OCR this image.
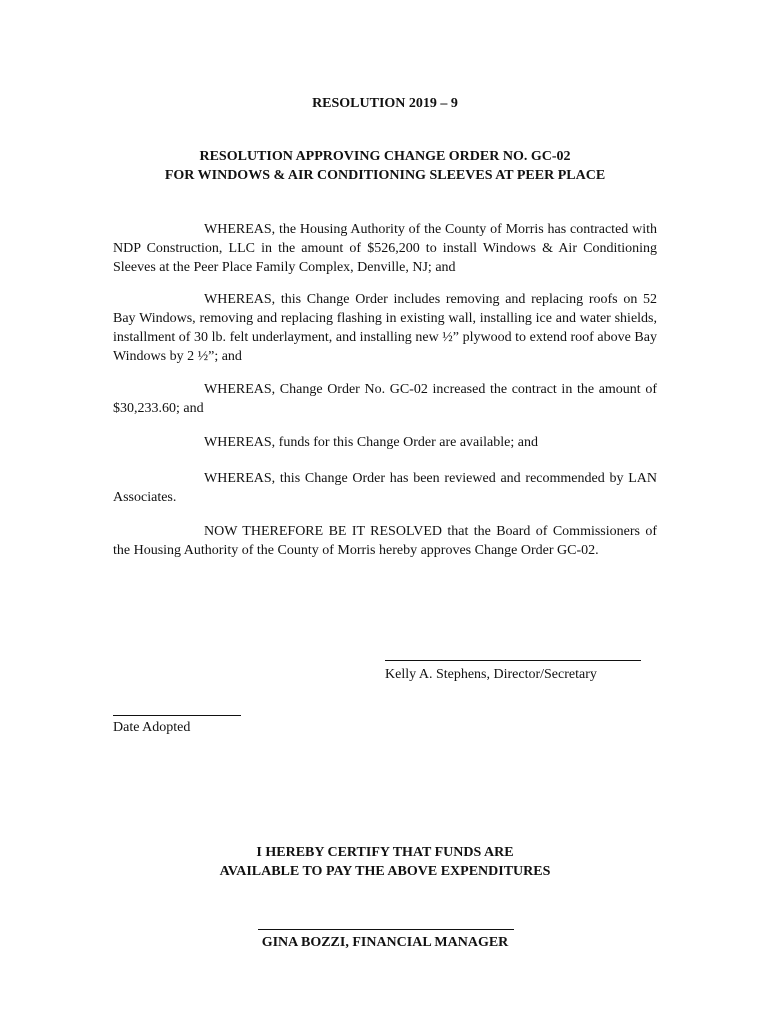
RESOLUTION 2019 – 9
RESOLUTION APPROVING CHANGE ORDER NO. GC-02
FOR WINDOWS & AIR CONDITIONING SLEEVES AT PEER PLACE

WHEREAS, the Housing Authority of the County of Morris has contracted with NDP Construction, LLC in the amount of $526,200 to install Windows & Air Conditioning Sleeves at the Peer Place Family Complex, Denville, NJ; and

WHEREAS, this Change Order includes removing and replacing roofs on 52 Bay Windows, removing and replacing flashing in existing wall, installing ice and water shields, installment of 30 lb. felt underlayment, and installing new ½” plywood to extend roof above Bay Windows by 2 ½”; and

WHEREAS, Change Order No. GC-02 increased the contract in the amount of $30,233.60; and

WHEREAS, funds for this Change Order are available; and

WHEREAS, this Change Order has been reviewed and recommended by LAN Associates.

NOW THEREFORE BE IT RESOLVED that the Board of Commissioners of the Housing Authority of the County of Morris hereby approves Change Order GC-02.

Kelly A. Stephens, Director/Secretary
Date Adopted
I HEREBY CERTIFY THAT FUNDS ARE
AVAILABLE TO PAY THE ABOVE EXPENDITURES
GINA BOZZI, FINANCIAL MANAGER
